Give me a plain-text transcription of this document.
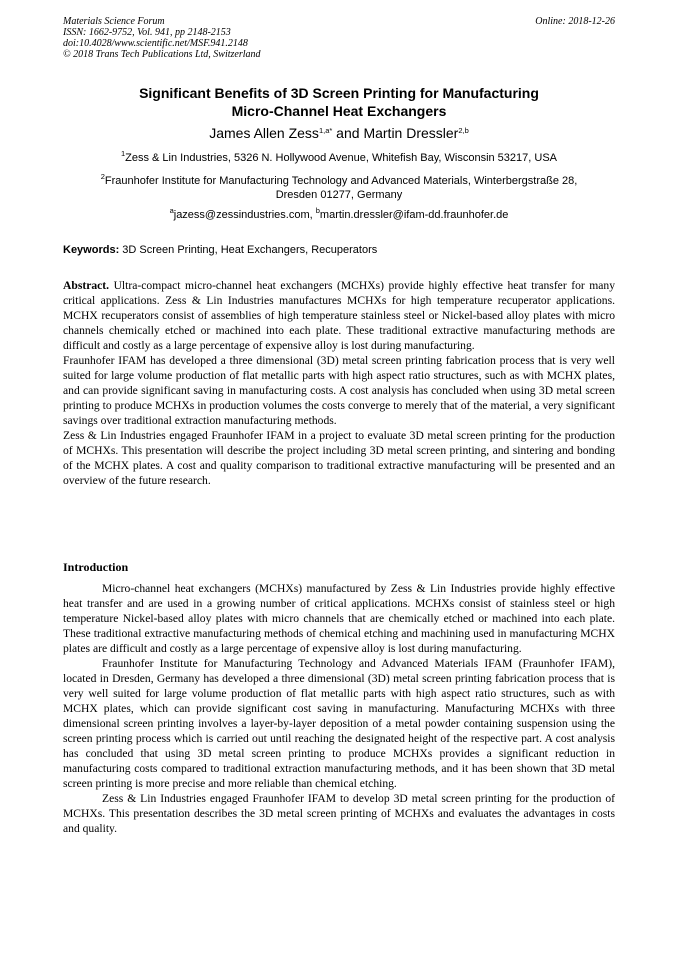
Materials Science Forum
ISSN: 1662-9752, Vol. 941, pp 2148-2153
doi:10.4028/www.scientific.net/MSF.941.2148
© 2018 Trans Tech Publications Ltd, Switzerland
Online: 2018-12-26
Significant Benefits of 3D Screen Printing for Manufacturing
Micro-Channel Heat Exchangers
James Allen Zess$^{1,a*}$ and Martin Dressler$^{2,b}$
$^1$Zess & Lin Industries, 5326 N. Hollywood Avenue, Whitefish Bay, Wisconsin 53217, USA
$^2$Fraunhofer Institute for Manufacturing Technology and Advanced Materials, Winterbergstraße 28,
Dresden 01277, Germany
$^a$jazess@zessindustries.com, $^b$martin.dressler@ifam-dd.fraunhofer.de
Keywords: 3D Screen Printing, Heat Exchangers, Recuperators

Abstract. Ultra-compact micro-channel heat exchangers (MCHXs) provide highly effective heat transfer for many critical applications. Zess & Lin Industries manufactures MCHXs for high temperature recuperator applications. MCHX recuperators consist of assemblies of high temperature stainless steel or Nickel-based alloy plates with micro channels chemically etched or machined into each plate. These traditional extractive manufacturing methods are difficult and costly as a large percentage of expensive alloy is lost during manufacturing.

Fraunhofer IFAM has developed a three dimensional (3D) metal screen printing fabrication process that is very well suited for large volume production of flat metallic parts with high aspect ratio structures, such as with MCHX plates, and can provide significant saving in manufacturing costs. A cost analysis has concluded when using 3D metal screen printing to produce MCHXs in production volumes the costs converge to merely that of the material, a very significant savings over traditional extraction manufacturing methods.

Zess & Lin Industries engaged Fraunhofer IFAM in a project to evaluate 3D metal screen printing for the production of MCHXs. This presentation will describe the project including 3D metal screen printing, and sintering and bonding of the MCHX plates. A cost and quality comparison to traditional extractive manufacturing will be presented and an overview of the future research.

Introduction

Micro-channel heat exchangers (MCHXs) manufactured by Zess & Lin Industries provide highly effective heat transfer and are used in a growing number of critical applications. MCHXs consist of stainless steel or high temperature Nickel-based alloy plates with micro channels that are chemically etched or machined into each plate. These traditional extractive manufacturing methods of chemical etching and machining used in manufacturing MCHX plates are difficult and costly as a large percentage of expensive alloy is lost during manufacturing.

Fraunhofer Institute for Manufacturing Technology and Advanced Materials IFAM (Fraunhofer IFAM), located in Dresden, Germany has developed a three dimensional (3D) metal screen printing fabrication process that is very well suited for large volume production of flat metallic parts with high aspect ratio structures, such as with MCHX plates, which can provide significant cost saving in manufacturing. Manufacturing MCHXs with three dimensional screen printing involves a layer-by-layer deposition of a metal powder containing suspension using the screen printing process which is carried out until reaching the designated height of the respective part. A cost analysis has concluded that using 3D metal screen printing to produce MCHXs provides a significant reduction in manufacturing costs compared to traditional extraction manufacturing methods, and it has been shown that 3D metal screen printing is more precise and more reliable than chemical etching.

Zess & Lin Industries engaged Fraunhofer IFAM to develop 3D metal screen printing for the production of MCHXs. This presentation describes the 3D metal screen printing of MCHXs and evaluates the advantages in costs and quality.
